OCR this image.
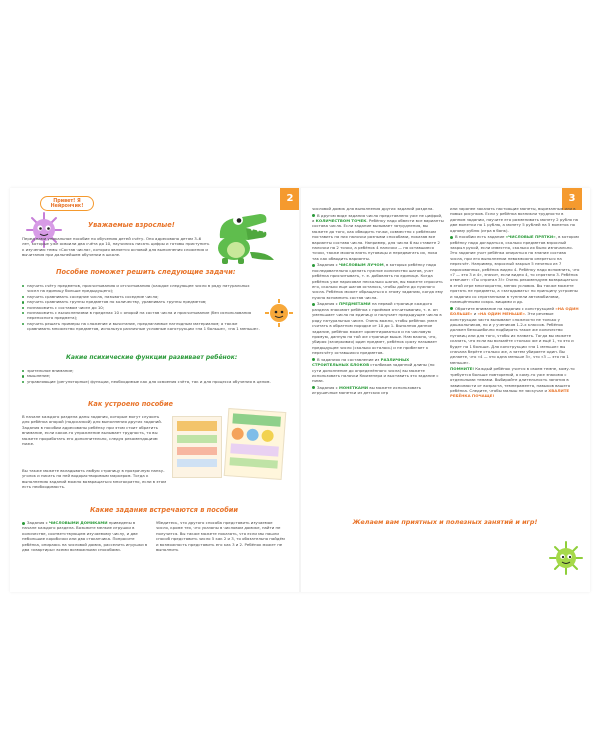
2
Привет! Я Нейрончик!
Уважаемые взрослые!
Перед вами уникальное пособие по обучению детей счёту. Оно адресовано детям 3–6 лет, которые уже освоили два счёта до 10, научились писать цифры и готовы приступить к изучению темы «Состав числа», которая является основой для выполнения сложения и вычитания при дальнейшем обучении в школе.
Пособие поможет решить следующие задачи:
научить счёту предметов, присчитыванию и отсчитыванию (каждое следующее число в ряду натуральных чисел на единицу больше предыдущего);
научить сравнивать соседние числа, называть соседние числа;
научить сравнивать группы предметов по количеству, уравнивать группы предметов;
познакомить с составом чисел до 10;
познакомить с вычислениями в пределах 10 с опорой на состав числа и присчитывание (без использования переносного предмета);
научить решать примеры на сложение и вычитание, предлагаемые наглядным материалом; а также сравнивать множество предметов, используя различные условные конструкции «на 1 больше», «на 1 меньше».
Какие психические функции развивает ребёнок:
зрительное внимание;
мышление;
управляющие (регуляторные) функции, необходимые как для освоения счёта, так и для процесса обучения в целом.
Как устроено пособие
В начале каждого раздела даны задания, которые могут служить для ребёнка опорой (подсказкой) для выполнения других заданий. Задания в пособии адресованы ребёнку при этом стоит обратить внимание, если какое-то упражнение вызывает трудность, то вы можете проработать его дополнительно, следуя рекомендациям ниже.
Вы также можете вкладывать любую страницу в прозрачную папку-уголок и писать на ней водорастворимым маркером. Тогда к выполнению заданий можно возвращаться многократно, если в этом есть необходимость.
Какие задания встречаются в пособии
Задания с ЧИСЛОВЫМИ ДОМИКАМИ приведены в начале каждого раздела. Возьмите мелкие игрушки в количестве, соответствующем изучаемому числу, и две небольшие коробочки или два стаканчика. Попросите ребёнка, опираясь на числовой домик, расселить игрушки в два «квартиры» всеми возможными способами.
Убедитесь, что другого способа представить изучаемое число, кроме тех, что указаны в числовом домике, найти не получится. Вы также можете показать, что если мы нашли способ представить число 5 как 2 и 3, то обязательно найдём и возможность представить его как 3 и 2. Ребёнок может не выполнить
3

числовой домик для выполнения других заданий раздела.

В другом виде задания число представлено уже не цифрой, а КОЛИЧЕСТВОМ ТОЧЕК. Ребёнку надо обвести все варианты состава числа. Если задание вызывает затруднения, вы можете до того, как обводить точки, совместно с ребёнком поставить на них палочки разными способами, показав все варианты состава числа. Например, для числа 6 вы ставите 2 палочки на 2 точки, а ребёнок 4 палочки — на оставшиеся точки, также можно взять пуговицы и передвигать их, пока так как обводить варианты.

Задания с ЧИСЛОВЫМ ЛУЧОМ, в которых ребёнку надо последовательно сделать нужное количество шагов, учат ребёнка присчитывать, т. е. добавлять по единице. Когда ребёнок уже нарисовал несколько шагов, вы можете спросить его, сколько еще шагов осталось, чтобы дойти до нужного числа. Ребёнок может обращаться к этому заданию, когда ему нужно вспомнить состав числа.

Задания с ПРЕДМЕТАМИ на первой странице каждого раздела знакомят ребёнка с приёмом отсчитывания, т. е. он уменьшает число на единицу и получает предыдущее число в ряду натуральных чисел. Очень важно, чтобы ребёнок умел считать в обратном порядке от 10 до 1. Выполняя данное задание, ребёнок может ориентироваться и на числовую прямую, данную на той же странице выше. Нам важно, что, убирая (зачеркивая) один предмет, ребёнок сразу называет предыдущее число (сколько осталось) и не прибегает к пересчёту оставшихся предметов.

В заданиях на составление из РАЗЛИЧНЫХ СТРОИТЕЛЬНЫХ БЛОКОВ столбиков заданной длины (по сути дополнение до определённого числа) вы можете использовать палочки Кюизенера и выставить это задание с ними.

Задания с МОНЕТКАМИ вы можете использовать игрушечные монетки из детских игр

или заранее заказать настоящие монеты, вырезанные или в новых рисунков. Если у ребёнка возникли трудности в данном задании, научите его разменивать монету 2 рубля на две монетки по 1 рублю, а монету 5 рублей на 5 монеток по одному рублю (игра в банк).

В пособии есть задание «ЧИСЛОВЫЕ ПРЯТКИ», в котором ребёнку надо догадаться, сколько предметов взрослый закрыл рукой, если известно, сколько их было изначально. Это задание учит ребёнка опираться на знание состава числа, при его выполнении невозможно опереться на пересчёт. Например, взрослый закрыл 5 печенья из 7 нарисованных, ребёнок видно 4. Ребёнку надо вспомнить, что «7 — это 3 и 4», значит, если видно 4, то спрятано 3. Ребёнок отвечает: «Ты спрятал 3!» Очень рекомендуем возвращаться в этой игре многократно, меняя условия. Вы также можете прятать не предметы, а «загадывать» по принципу устроены и задания со спрятанными в туннели автомобилями, помещёнными сокро- вищами и др.

Обратите внимание на задания с конструкцией «НА ОДИН БОЛЬШЕ» и «НА ОДИН МЕНЬШЕ». Эти речевые конструкции часто вызывают сложности не только у дошкольников, но и у учеников 1-2-х классов. Ребёнок должен безошибочно подбирать такое же количество пуговиц или для того, чтобы их назвать. Тогда вы можете сказать, что если вы возьмёте столько же и ещё 1, то это и будет на 1 больше. Для конструкции «на 1 меньше» вы сначала берёте столько же, а затем убираете один. Вы делаете, что «4 — это одна меньше 5», что «3 — это на 1 меньше».

ПОМНИТЕ! Каждый ребёнок учится в своем темпе, кому-то требуется больше повторений, а кому-то уже знакома с отдельными темами. Выбирайте длительность занятия в зависимости от возраста, темперамента, навыков вашего ребёнка. Следите, чтобы малыш не заскучал и ХВАЛИТЕ РЕБЁНКА ПОЧАЩЕ!

Желаем вам приятных и полезных занятий и игр!
